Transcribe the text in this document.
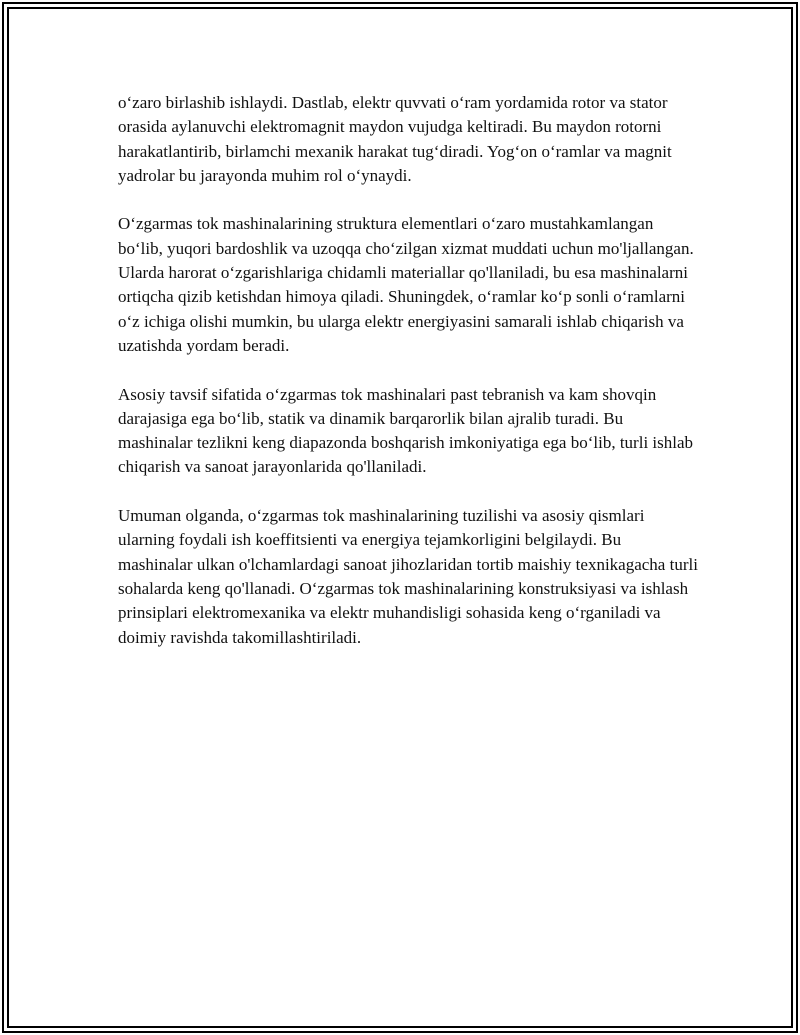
o‘zaro birlashib ishlaydi. Dastlab, elektr quvvati o‘ram yordamida rotor va stator orasida aylanuvchi elektromagnit maydon vujudga keltiradi. Bu maydon rotorni harakatlantirib, birlamchi mexanik harakat tug‘diradi. Yog‘on o‘ramlar va magnit yadrolar bu jarayonda muhim rol o‘ynaydi.

O‘zgarmas tok mashinalarining struktura elementlari o‘zaro mustahkamlangan bo‘lib, yuqori bardoshlik va uzoqqa cho‘zilgan xizmat muddati uchun mo'ljallangan. Ularda harorat o‘zgarishlariga chidamli materiallar qo'llaniladi, bu esa mashinalarni ortiqcha qizib ketishdan himoya qiladi. Shuningdek, o‘ramlar ko‘p sonli o‘ramlarni o‘z ichiga olishi mumkin, bu ularga elektr energiyasini samarali ishlab chiqarish va uzatishda yordam beradi.

Asosiy tavsif sifatida o‘zgarmas tok mashinalari past tebranish va kam shovqin darajasiga ega bo‘lib, statik va dinamik barqarorlik bilan ajralib turadi. Bu mashinalar tezlikni keng diapazonda boshqarish imkoniyatiga ega bo‘lib, turli ishlab chiqarish va sanoat jarayonlarida qo'llaniladi.

Umuman olganda, o‘zgarmas tok mashinalarining tuzilishi va asosiy qismlari ularning foydali ish koeffitsienti va energiya tejamkorligini belgilaydi. Bu mashinalar ulkan o'lchamlardagi sanoat jihozlaridan tortib maishiy texnikagacha turli sohalarda keng qo'llanadi. O‘zgarmas tok mashinalarining konstruksiyasi va ishlash prinsiplari elektromexanika va elektr muhandisligi sohasida keng o‘rganiladi va doimiy ravishda takomillashtiriladi.
